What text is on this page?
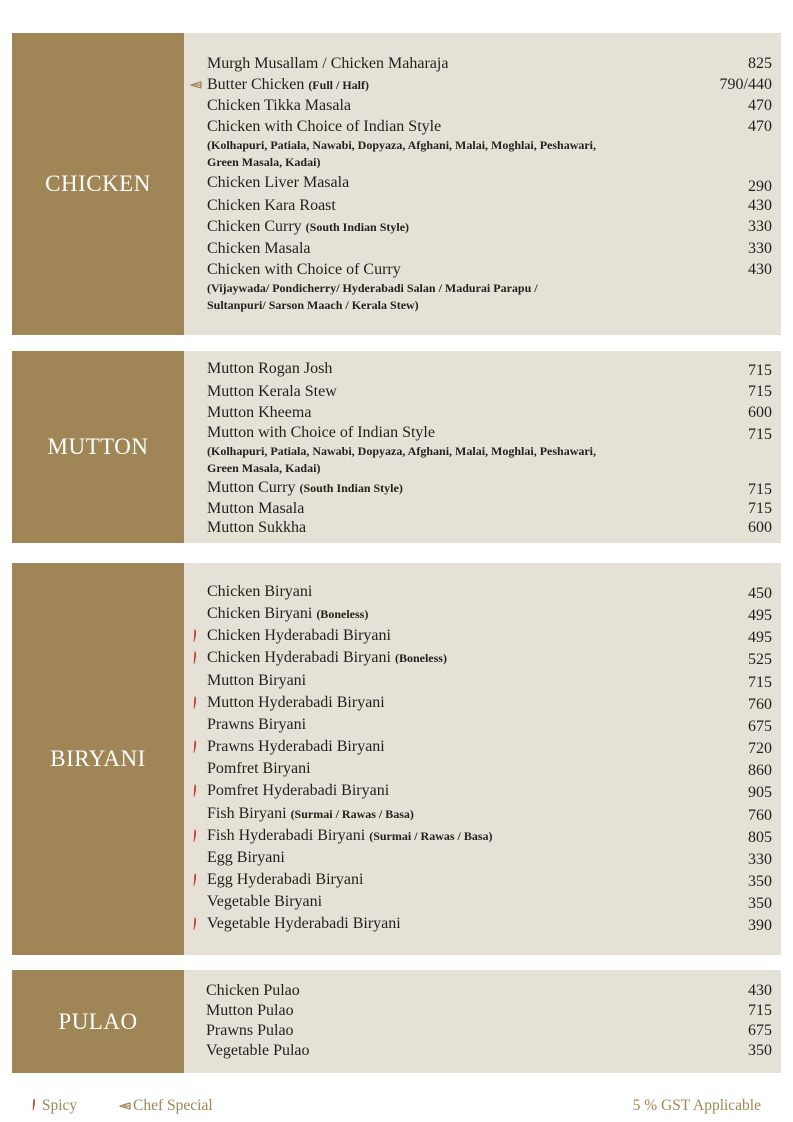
CHICKEN
Murgh Musallam / Chicken Maharaja	825
Butter Chicken (Full / Half)	790/440
Chicken Tikka Masala	470
Chicken with Choice of Indian Style	470
(Kolhapuri, Patiala, Nawabi, Dopyaza, Afghani, Malai, Moghlai, Peshawari,
Green Masala, Kadai)
Chicken Liver Masala	290
Chicken Kara Roast	430
Chicken Curry (South Indian Style)	330
Chicken Masala	330
Chicken with Choice of Curry	430
(Vijaywada/ Pondicherry/ Hyderabadi Salan / Madurai Parapu /
Sultanpuri/ Sarson Maach / Kerala Stew)
MUTTON
Mutton Rogan Josh	715
Mutton Kerala Stew	715
Mutton Kheema	600
Mutton with Choice of Indian Style	715
(Kolhapuri, Patiala, Nawabi, Dopyaza, Afghani, Malai, Moghlai, Peshawari,
Green Masala, Kadai)
Mutton Curry (South Indian Style)	715
Mutton Masala	715
Mutton Sukkha	600
BIRYANI
Chicken Biryani	450
Chicken Biryani (Boneless)	495
Chicken Hyderabadi Biryani	495
Chicken Hyderabadi Biryani (Boneless)	525
Mutton Biryani	715
Mutton Hyderabadi Biryani	760
Prawns Biryani	675
Prawns Hyderabadi Biryani	720
Pomfret Biryani	860
Pomfret Hyderabadi Biryani	905
Fish Biryani (Surmai / Rawas / Basa)	760
Fish Hyderabadi Biryani (Surmai / Rawas / Basa)	805
Egg Biryani	330
Egg Hyderabadi Biryani	350
Vegetable Biryani	350
Vegetable Hyderabadi Biryani	390
PULAO
Chicken Pulao	430
Mutton Pulao	715
Prawns Pulao	675
Vegetable Pulao	350
Spicy	Chef Special	5 % GST Applicable
